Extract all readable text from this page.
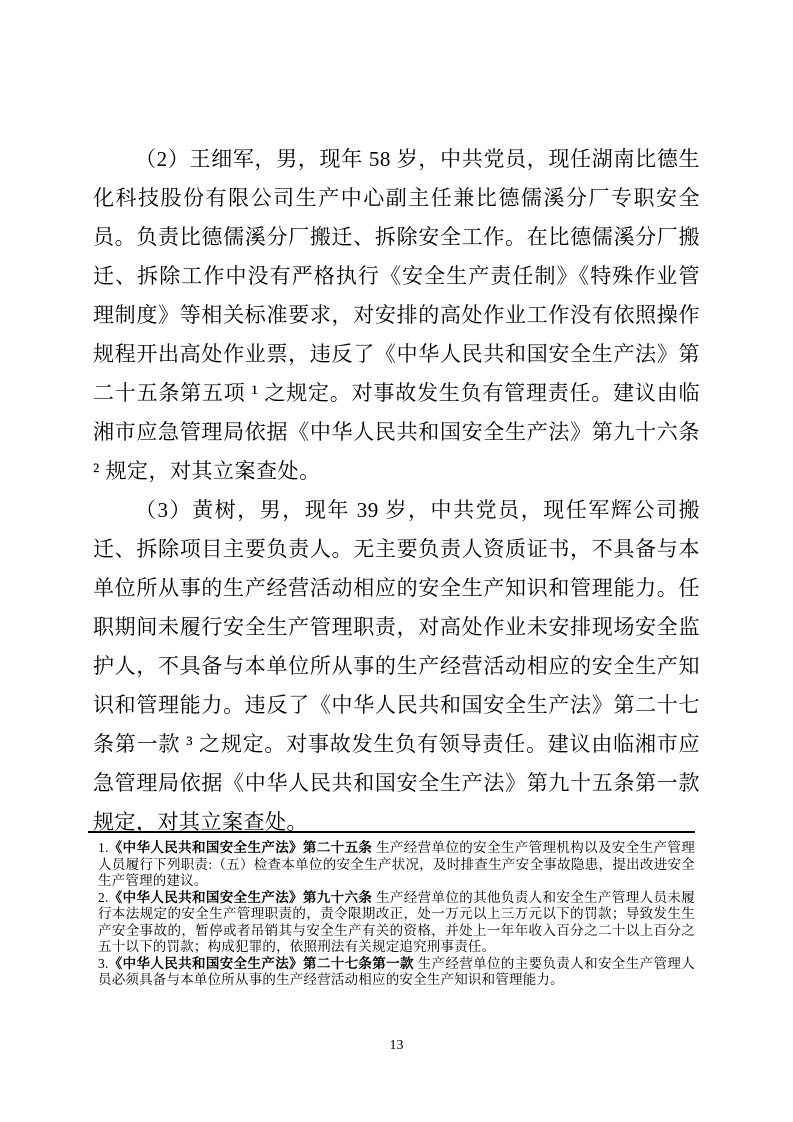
（2）王细军，男，现年 58 岁，中共党员，现任湖南比德生化科技股份有限公司生产中心副主任兼比德儒溪分厂专职安全员。负责比德儒溪分厂搬迁、拆除安全工作。在比德儒溪分厂搬迁、拆除工作中没有严格执行《安全生产责任制》《特殊作业管理制度》等相关标准要求，对安排的高处作业工作没有依照操作规程开出高处作业票，违反了《中华人民共和国安全生产法》第二十五条第五项 ¹ 之规定。对事故发生负有管理责任。建议由临湘市应急管理局依据《中华人民共和国安全生产法》第九十六条 ² 规定，对其立案查处。

（3）黄树，男，现年 39 岁，中共党员，现任军辉公司搬迁、拆除项目主要负责人。无主要负责人资质证书，不具备与本单位所从事的生产经营活动相应的安全生产知识和管理能力。任职期间未履行安全生产管理职责，对高处作业未安排现场安全监护人，不具备与本单位所从事的生产经营活动相应的安全生产知识和管理能力。违反了《中华人民共和国安全生产法》第二十七条第一款 ³ 之规定。对事故发生负有领导责任。建议由临湘市应急管理局依据《中华人民共和国安全生产法》第九十五条第一款规定，对其立案查处。

1.《中华人民共和国安全生产法》第二十五条 生产经营单位的安全生产管理机构以及安全生产管理人员履行下列职责:（五）检查本单位的安全生产状况，及时排查生产安全事故隐患，提出改进安全生产管理的建议。

2.《中华人民共和国安全生产法》第九十六条 生产经营单位的其他负责人和安全生产管理人员未履行本法规定的安全生产管理职责的，责令限期改正，处一万元以上三万元以下的罚款；导致发生生产安全事故的，暂停或者吊销其与安全生产有关的资格，并处上一年年收入百分之二十以上百分之五十以下的罚款；构成犯罪的，依照刑法有关规定追究刑事责任。

3.《中华人民共和国安全生产法》第二十七条第一款 生产经营单位的主要负责人和安全生产管理人员必须具备与本单位所从事的生产经营活动相应的安全生产知识和管理能力。

13
